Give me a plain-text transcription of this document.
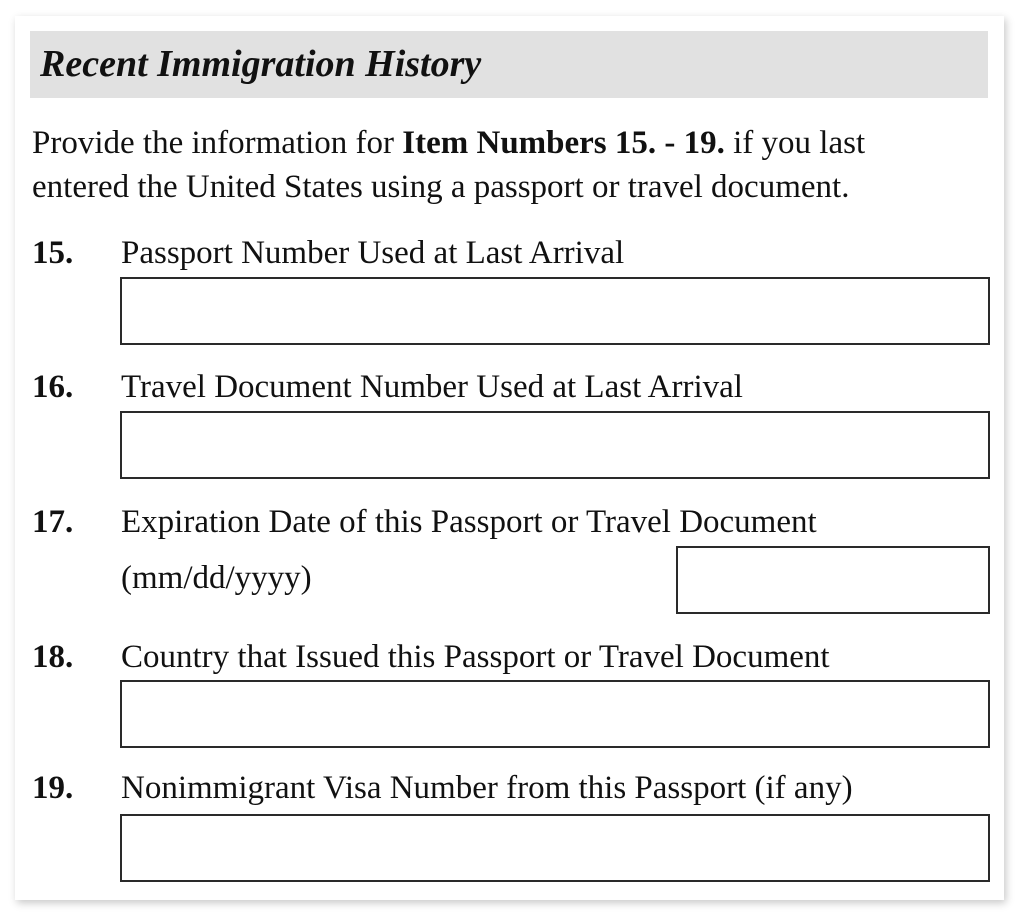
Recent Immigration History
Provide the information for Item Numbers 15. - 19. if you last
entered the United States using a passport or travel document.
15. Passport Number Used at Last Arrival
16. Travel Document Number Used at Last Arrival
17. Expiration Date of this Passport or Travel Document
(mm/dd/yyyy)
18. Country that Issued this Passport or Travel Document
19. Nonimmigrant Visa Number from this Passport (if any)
